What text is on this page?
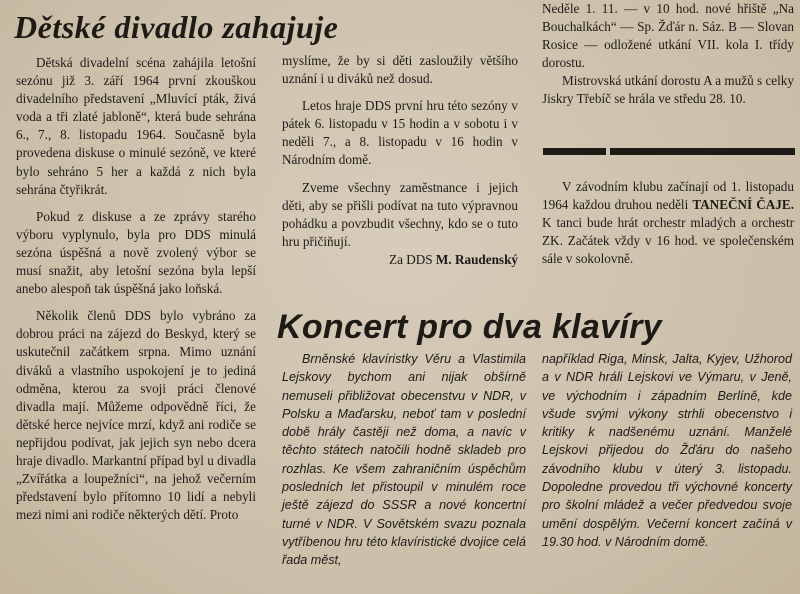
Dětské divadlo zahajuje

Dětská divadelní scéna zahájila letošní sezónu již 3. září 1964 první zkouškou divadelního představení „Mluvící pták, živá voda a tři zlaté jabloně“, která bude sehrána 6., 7., 8. listopadu 1964. Současně byla provedena diskuse o minulé sezóně, ve které bylo sehráno 5 her a každá z nich byla sehrána čtyřikrát.

Pokud z diskuse a ze zprávy starého výboru vyplynulo, byla pro DDS minulá sezóna úspěšná a nově zvolený výbor se musí snažit, aby letošní sezóna byla lepší anebo alespoň tak úspěšná jako loňská.

Několik členů DDS bylo vybráno za dobrou práci na zájezd do Beskyd, který se uskutečnil začátkem srpna. Mimo uznání diváků a vlastního uspokojení je to jediná odměna, kterou za svoji práci členové divadla mají. Můžeme odpovědně říci, že dětské herce nejvíce mrzí, když ani rodiče se nepřijdou podívat, jak jejich syn nebo dcera hraje divadlo. Markantní případ byl u divadla „Zvířátka a loupežníci“, na jehož večerním představení bylo přítomno 10 lidí a nebyli mezi nimi ani rodiče některých dětí. Proto

myslíme, že by si děti zasloužily většího uznání i u diváků než dosud.

Letos hraje DDS první hru této sezóny v pátek 6. listopadu v 15 hodin a v sobotu i v neděli 7., a 8. listopadu v 16 hodin v Národním domě.

Zveme všechny zaměstnance i jejich děti, aby se přišli podívat na tuto výpravnou pohádku a povzbudit všechny, kdo se o tuto hru přičiňují.

Za DDS M. Raudenský

Neděle 1. 11. — v 10 hod. nové hřiště „Na Bouchalkách“ — Sp. Žďár n. Sáz. B — Slovan Rosice — odložené utkání VII. kola I. třídy dorostu.

Mistrovská utkání dorostu A a mužů s celky Jiskry Třebíč se hrála ve středu 28. 10.

V závodním klubu začínají od 1. listopadu 1964 každou druhou neděli TANEČNÍ ČAJE. K tanci bude hrát orchestr mladých a orchestr ZK. Začátek vždy v 16 hod. ve společenském sále v sokolovně.

Koncert pro dva klavíry

Brněnské klavíristky Věru a Vlastimila Lejskovy bychom ani nijak obšírně nemuseli přibližovat obecenstvu v NDR, v Polsku a Maďarsku, neboť tam v poslední době hrály častěji než doma, a navíc v těchto státech natočili hodně skladeb pro rozhlas. Ke všem zahraničním úspěchům posledních let přistoupil v minulém roce ještě zájezd do SSSR a nové koncertní turné v NDR. V Sovětském svazu poznala vytříbenou hru této klavíristické dvojice celá řada měst,

například Riga, Minsk, Jalta, Kyjev, Užhorod a v NDR hráli Lejskovi ve Výmaru, v Jeně, ve východním i západním Berlíně, kde všude svými výkony strhli obecenstvo i kritiky k nadšenému uznání. Manželé Lejskovi přijedou do Žďáru do našeho závodního klubu v úterý 3. listopadu. Dopoledne provedou tři výchovné koncerty pro školní mládež a večer předvedou svoje umění dospělým. Večerní koncert začíná v 19.30 hod. v Národním domě.
